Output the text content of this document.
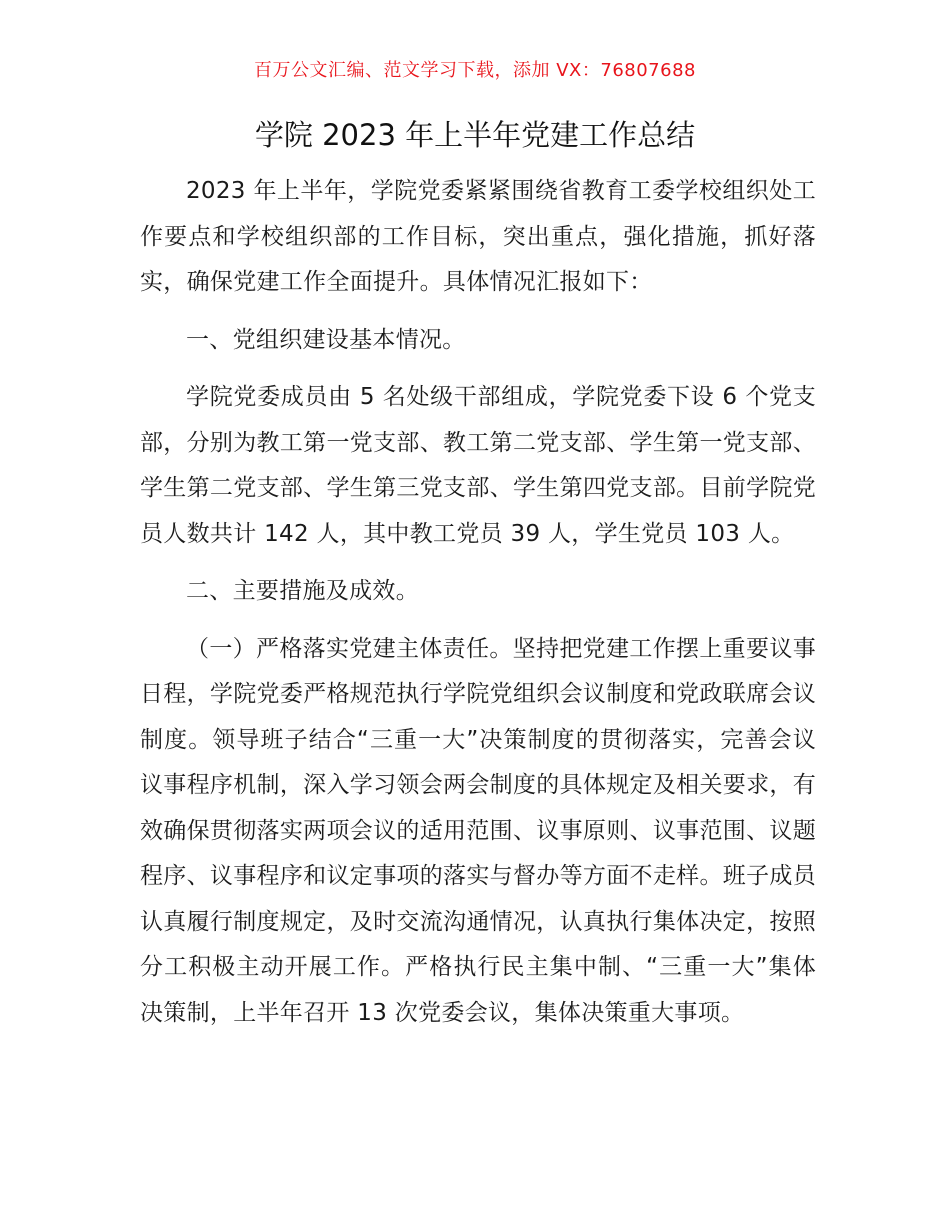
百万公文汇编、范文学习下载，添加 VX：76807688
学院 2023 年上半年党建工作总结

2023 年上半年，学院党委紧紧围绕省教育工委学校组织处工作要点和学校组织部的工作目标，突出重点，强化措施，抓好落实，确保党建工作全面提升。具体情况汇报如下：

一、党组织建设基本情况。

学院党委成员由 5 名处级干部组成，学院党委下设 6 个党支部，分别为教工第一党支部、教工第二党支部、学生第一党支部、学生第二党支部、学生第三党支部、学生第四党支部。目前学院党员人数共计 142 人，其中教工党员 39 人，学生党员 103 人。

二、主要措施及成效。

（一）严格落实党建主体责任。坚持把党建工作摆上重要议事日程，学院党委严格规范执行学院党组织会议制度和党政联席会议制度。领导班子结合“三重一大”决策制度的贯彻落实，完善会议议事程序机制，深入学习领会两会制度的具体规定及相关要求，有效确保贯彻落实两项会议的适用范围、议事原则、议事范围、议题程序、议事程序和议定事项的落实与督办等方面不走样。班子成员认真履行制度规定，及时交流沟通情况，认真执行集体决定，按照分工积极主动开展工作。严格执行民主集中制、“三重一大”集体决策制，上半年召开 13 次党委会议，集体决策重大事项。
